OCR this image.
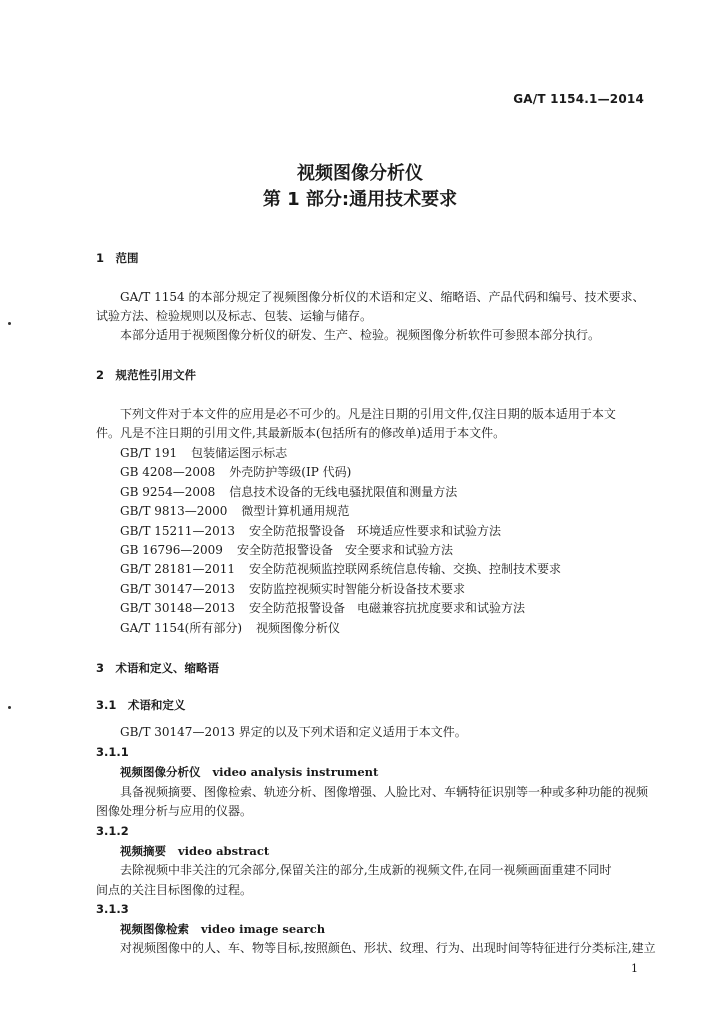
GA/T 1154.1—2014
视频图像分析仪
第 1 部分:通用技术要求
1　范围
GA/T 1154 的本部分规定了视频图像分析仪的术语和定义、缩略语、产品代码和编号、技术要求、
试验方法、检验规则以及标志、包装、运输与储存。
本部分适用于视频图像分析仪的研发、生产、检验。视频图像分析软件可参照本部分执行。
2　规范性引用文件
下列文件对于本文件的应用是必不可少的。凡是注日期的引用文件,仅注日期的版本适用于本文
件。凡是不注日期的引用文件,其最新版本(包括所有的修改单)适用于本文件。
GB/T 191 包装储运图示标志
GB 4208—2008 外壳防护等级(IP 代码)
GB 9254—2008 信息技术设备的无线电骚扰限值和测量方法
GB/T 9813—2000 微型计算机通用规范
GB/T 15211—2013 安全防范报警设备　环境适应性要求和试验方法
GB 16796—2009 安全防范报警设备　安全要求和试验方法
GB/T 28181—2011 安全防范视频监控联网系统信息传输、交换、控制技术要求
GB/T 30147—2013 安防监控视频实时智能分析设备技术要求
GB/T 30148—2013 安全防范报警设备　电磁兼容抗扰度要求和试验方法
GA/T 1154(所有部分) 视频图像分析仪
3　术语和定义、缩略语
3.1　术语和定义
GB/T 30147—2013 界定的以及下列术语和定义适用于本文件。
3.1.1
视频图像分析仪 video analysis instrument
具备视频摘要、图像检索、轨迹分析、图像增强、人脸比对、车辆特征识别等一种或多种功能的视频
图像处理分析与应用的仪器。
3.1.2
视频摘要 video abstract
去除视频中非关注的冗余部分,保留关注的部分,生成新的视频文件,在同一视频画面重建不同时
间点的关注目标图像的过程。
3.1.3
视频图像检索 video image search
对视频图像中的人、车、物等目标,按照颜色、形状、纹理、行为、出现时间等特征进行分类标注,建立
1
